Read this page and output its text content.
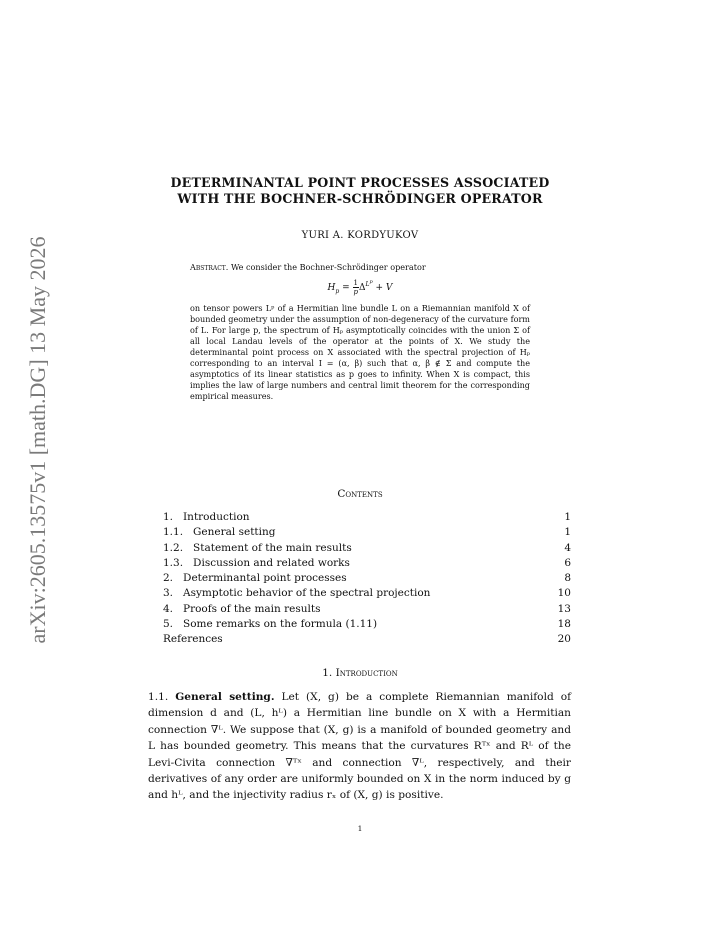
arXiv:2605.13575v1 [math.DG] 13 May 2026
DETERMINANTAL POINT PROCESSES ASSOCIATED
WITH THE BOCHNER-SCHRÖDINGER OPERATOR
YURI A. KORDYUKOV
Abstract. We consider the Bochner-Schrödinger operator
$H_p = \frac{1}{p} \Delta^{L^p} + V$
on tensor powers Lᵖ of a Hermitian line bundle L on a Riemannian manifold X of bounded geometry under the assumption of non-degeneracy of the curvature form of L. For large p, the spectrum of Hₚ asymptotically coincides with the union Σ of all local Landau levels of the operator at the points of X. We study the determinantal point process on X associated with the spectral projection of Hₚ corresponding to an interval I = (α, β) such that α, β ∉ Σ and compute the asymptotics of its linear statistics as p goes to infinity. When X is compact, this implies the law of large numbers and central limit theorem for the corresponding empirical measures.
Contents
1.   Introduction	1
1.1.   General setting	1
1.2.   Statement of the main results	4
1.3.   Discussion and related works	6
2.   Determinantal point processes	8
3.   Asymptotic behavior of the spectral projection	10
4.   Proofs of the main results	13
5.   Some remarks on the formula (1.11)	18
References	20
1. Introduction
1.1. General setting. Let (X, g) be a complete Riemannian manifold of dimension d and (L, hᴸ) a Hermitian line bundle on X with a Hermitian connection ∇ᴸ. We suppose that (X, g) is a manifold of bounded geometry and L has bounded geometry. This means that the curvatures Rᵀˣ and Rᴸ of the Levi-Civita connection ∇ᵀˣ and connection ∇ᴸ, respectively, and their derivatives of any order are uniformly bounded on X in the norm induced by g and hᴸ, and the injectivity radius rₓ of (X, g) is positive.
1
